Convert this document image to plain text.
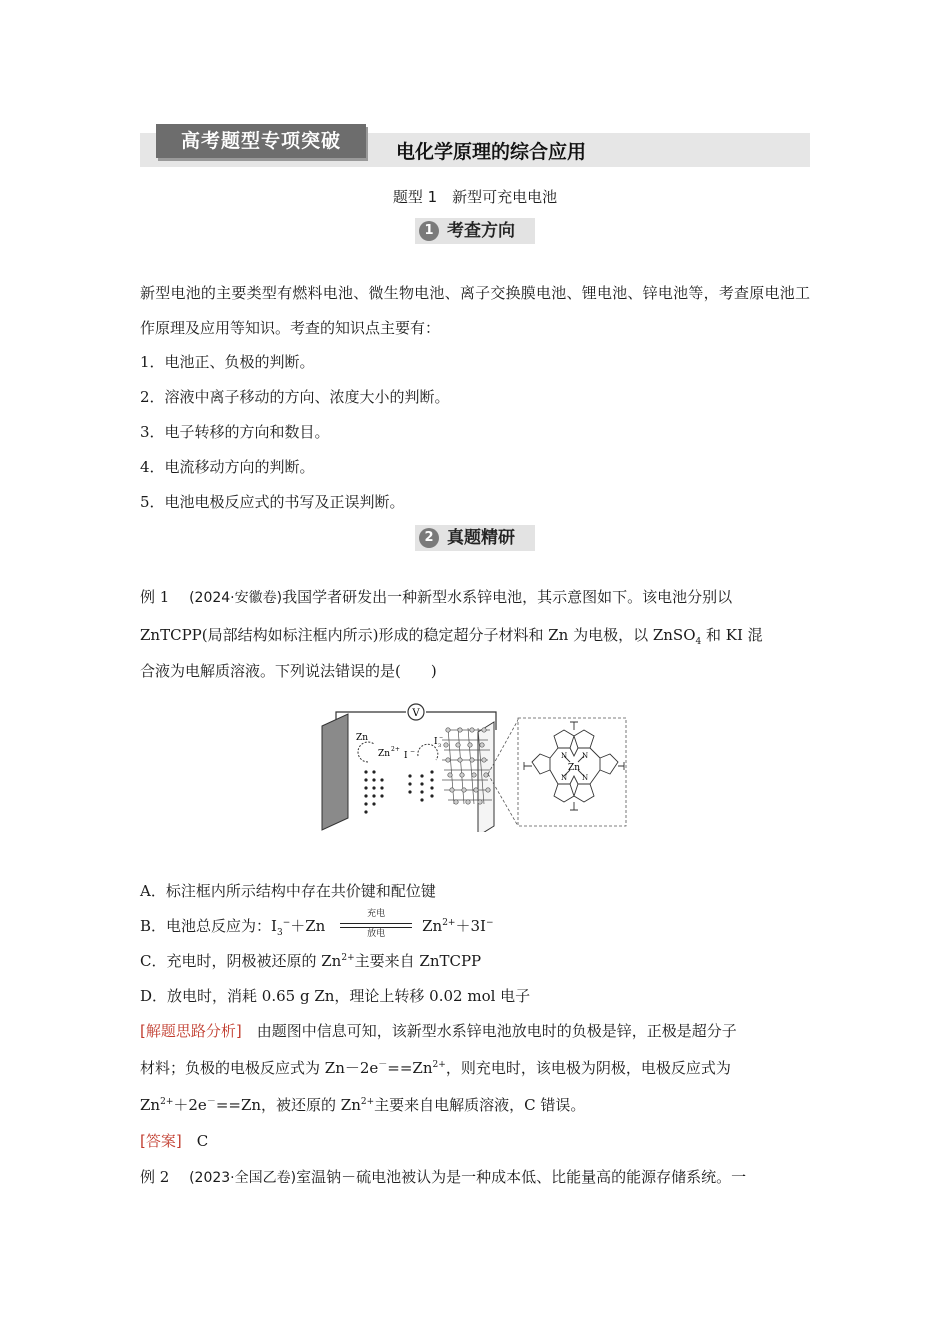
高考题型专项突破	电化学原理的综合应用
题型 1　新型可充电电池
1 考查方向
新型电池的主要类型有燃料电池、微生物电池、离子交换膜电池、锂电池、锌电池等，考查原电池工作原理及应用等知识。考查的知识点主要有：
1．电池正、负极的判断。
2．溶液中离子移动的方向、浓度大小的判断。
3．电子转移的方向和数目。
4．电流移动方向的判断。
5．电池电极反应式的书写及正误判断。
2 真题精研
例 1　 (2024·安徽卷)我国学者研发出一种新型水系锌电池，其示意图如下。该电池分别以
ZnTCPP(局部结构如标注框内所示)形成的稳定超分子材料和 Zn 为电极，以 ZnSO$_4$ 和 KI 混
合液为电解质溶液。下列说法错误的是(　　)
V
Zn
Zn 2+
I −
I 3
−
Zn
N N
N N
A．标注框内所示结构中存在共价键和配位键
B．电池总反应为：$I_3^-+Zn$
充电
放电	$Zn^{2+}+3I^-$
C．充电时，阴极被还原的 $Zn^{2+}$主要来自 ZnTCPP
D．放电时，消耗 0.65 g Zn，理论上转移 0.02 mol 电子
[解题思路分析]　由题图中信息可知，该新型水系锌电池放电时的负极是锌，正极是超分子
材料；负极的电极反应式为 $Zn-2e^-==Zn^{2+}$，则充电时，该电极为阴极，电极反应式为
$Zn^{2+}+2e^-==Zn$，被还原的 $Zn^{2+}$主要来自电解质溶液，C 错误。
[答案]　 C
例 2　 (2023·全国乙卷)室温钠－硫电池被认为是一种成本低、比能量高的能源存储系统。一
